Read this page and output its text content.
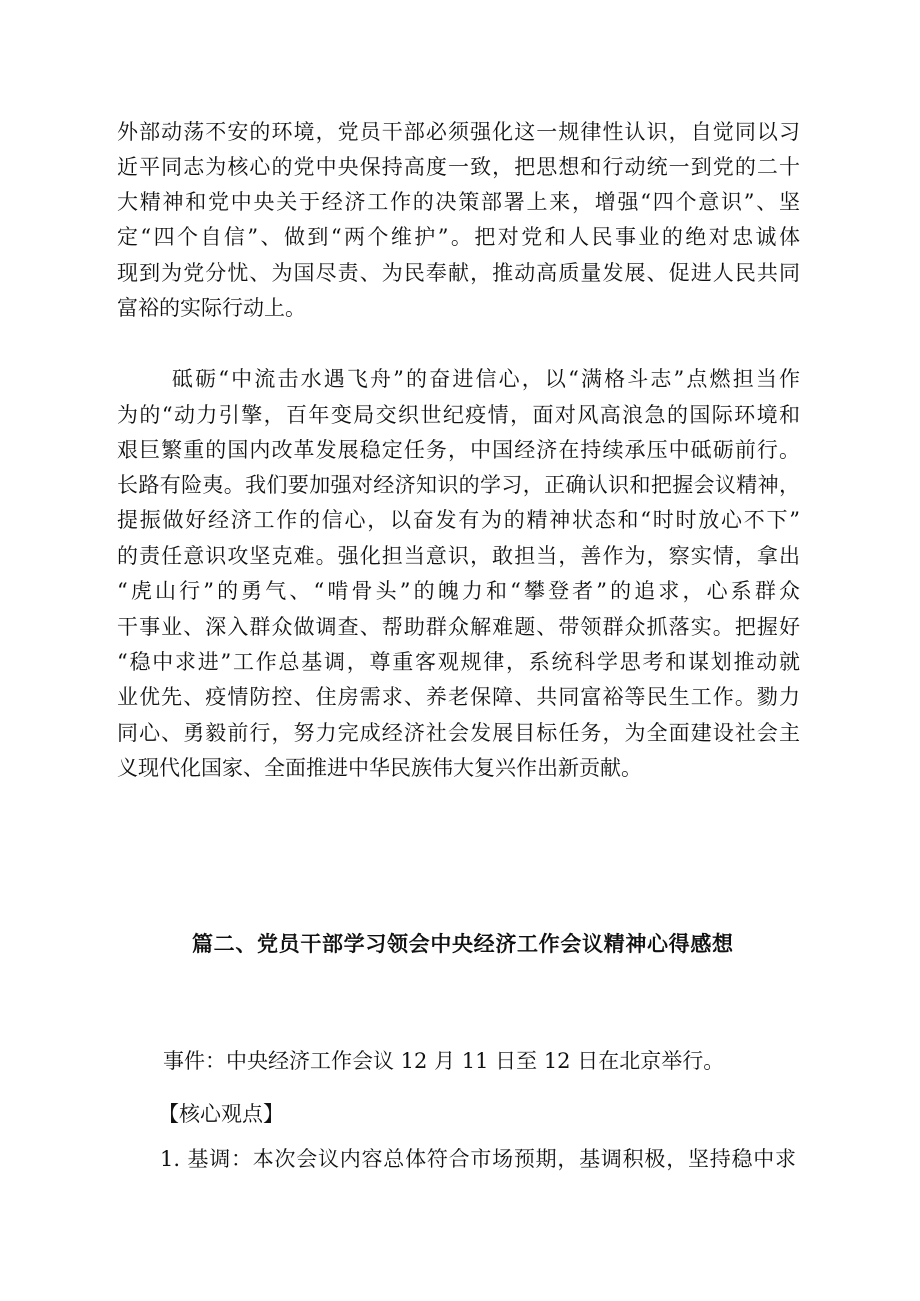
外部动荡不安的环境，党员干部必须强化这一规律性认识，自觉同以习
近平同志为核心的党中央保持高度一致，把思想和行动统一到党的二十
大精神和党中央关于经济工作的决策部署上来，增强“四个意识”、坚
定“四个自信”、做到“两个维护”。把对党和人民事业的绝对忠诚体
现到为党分忧、为国尽责、为民奉献，推动高质量发展、促进人民共同
富裕的实际行动上。
砥砺“中流击水遇飞舟”的奋进信心，以“满格斗志”点燃担当作
为的“动力引擎，百年变局交织世纪疫情，面对风高浪急的国际环境和
艰巨繁重的国内改革发展稳定任务，中国经济在持续承压中砥砺前行。
长路有险夷。我们要加强对经济知识的学习，正确认识和把握会议精神，
提振做好经济工作的信心，以奋发有为的精神状态和“时时放心不下”
的责任意识攻坚克难。强化担当意识，敢担当，善作为，察实情，拿出
“虎山行”的勇气、“啃骨头”的魄力和“攀登者”的追求，心系群众
干事业、深入群众做调查、帮助群众解难题、带领群众抓落实。把握好
“稳中求进”工作总基调，尊重客观规律，系统科学思考和谋划推动就
业优先、疫情防控、住房需求、养老保障、共同富裕等民生工作。勠力
同心、勇毅前行，努力完成经济社会发展目标任务，为全面建设社会主
义现代化国家、全面推进中华民族伟大复兴作出新贡献。
篇二、党员干部学习领会中央经济工作会议精神心得感想
事件：中央经济工作会议 12 月 11 日至 12 日在北京举行。
【核心观点】
1. 基调：本次会议内容总体符合市场预期，基调积极，坚持稳中求
